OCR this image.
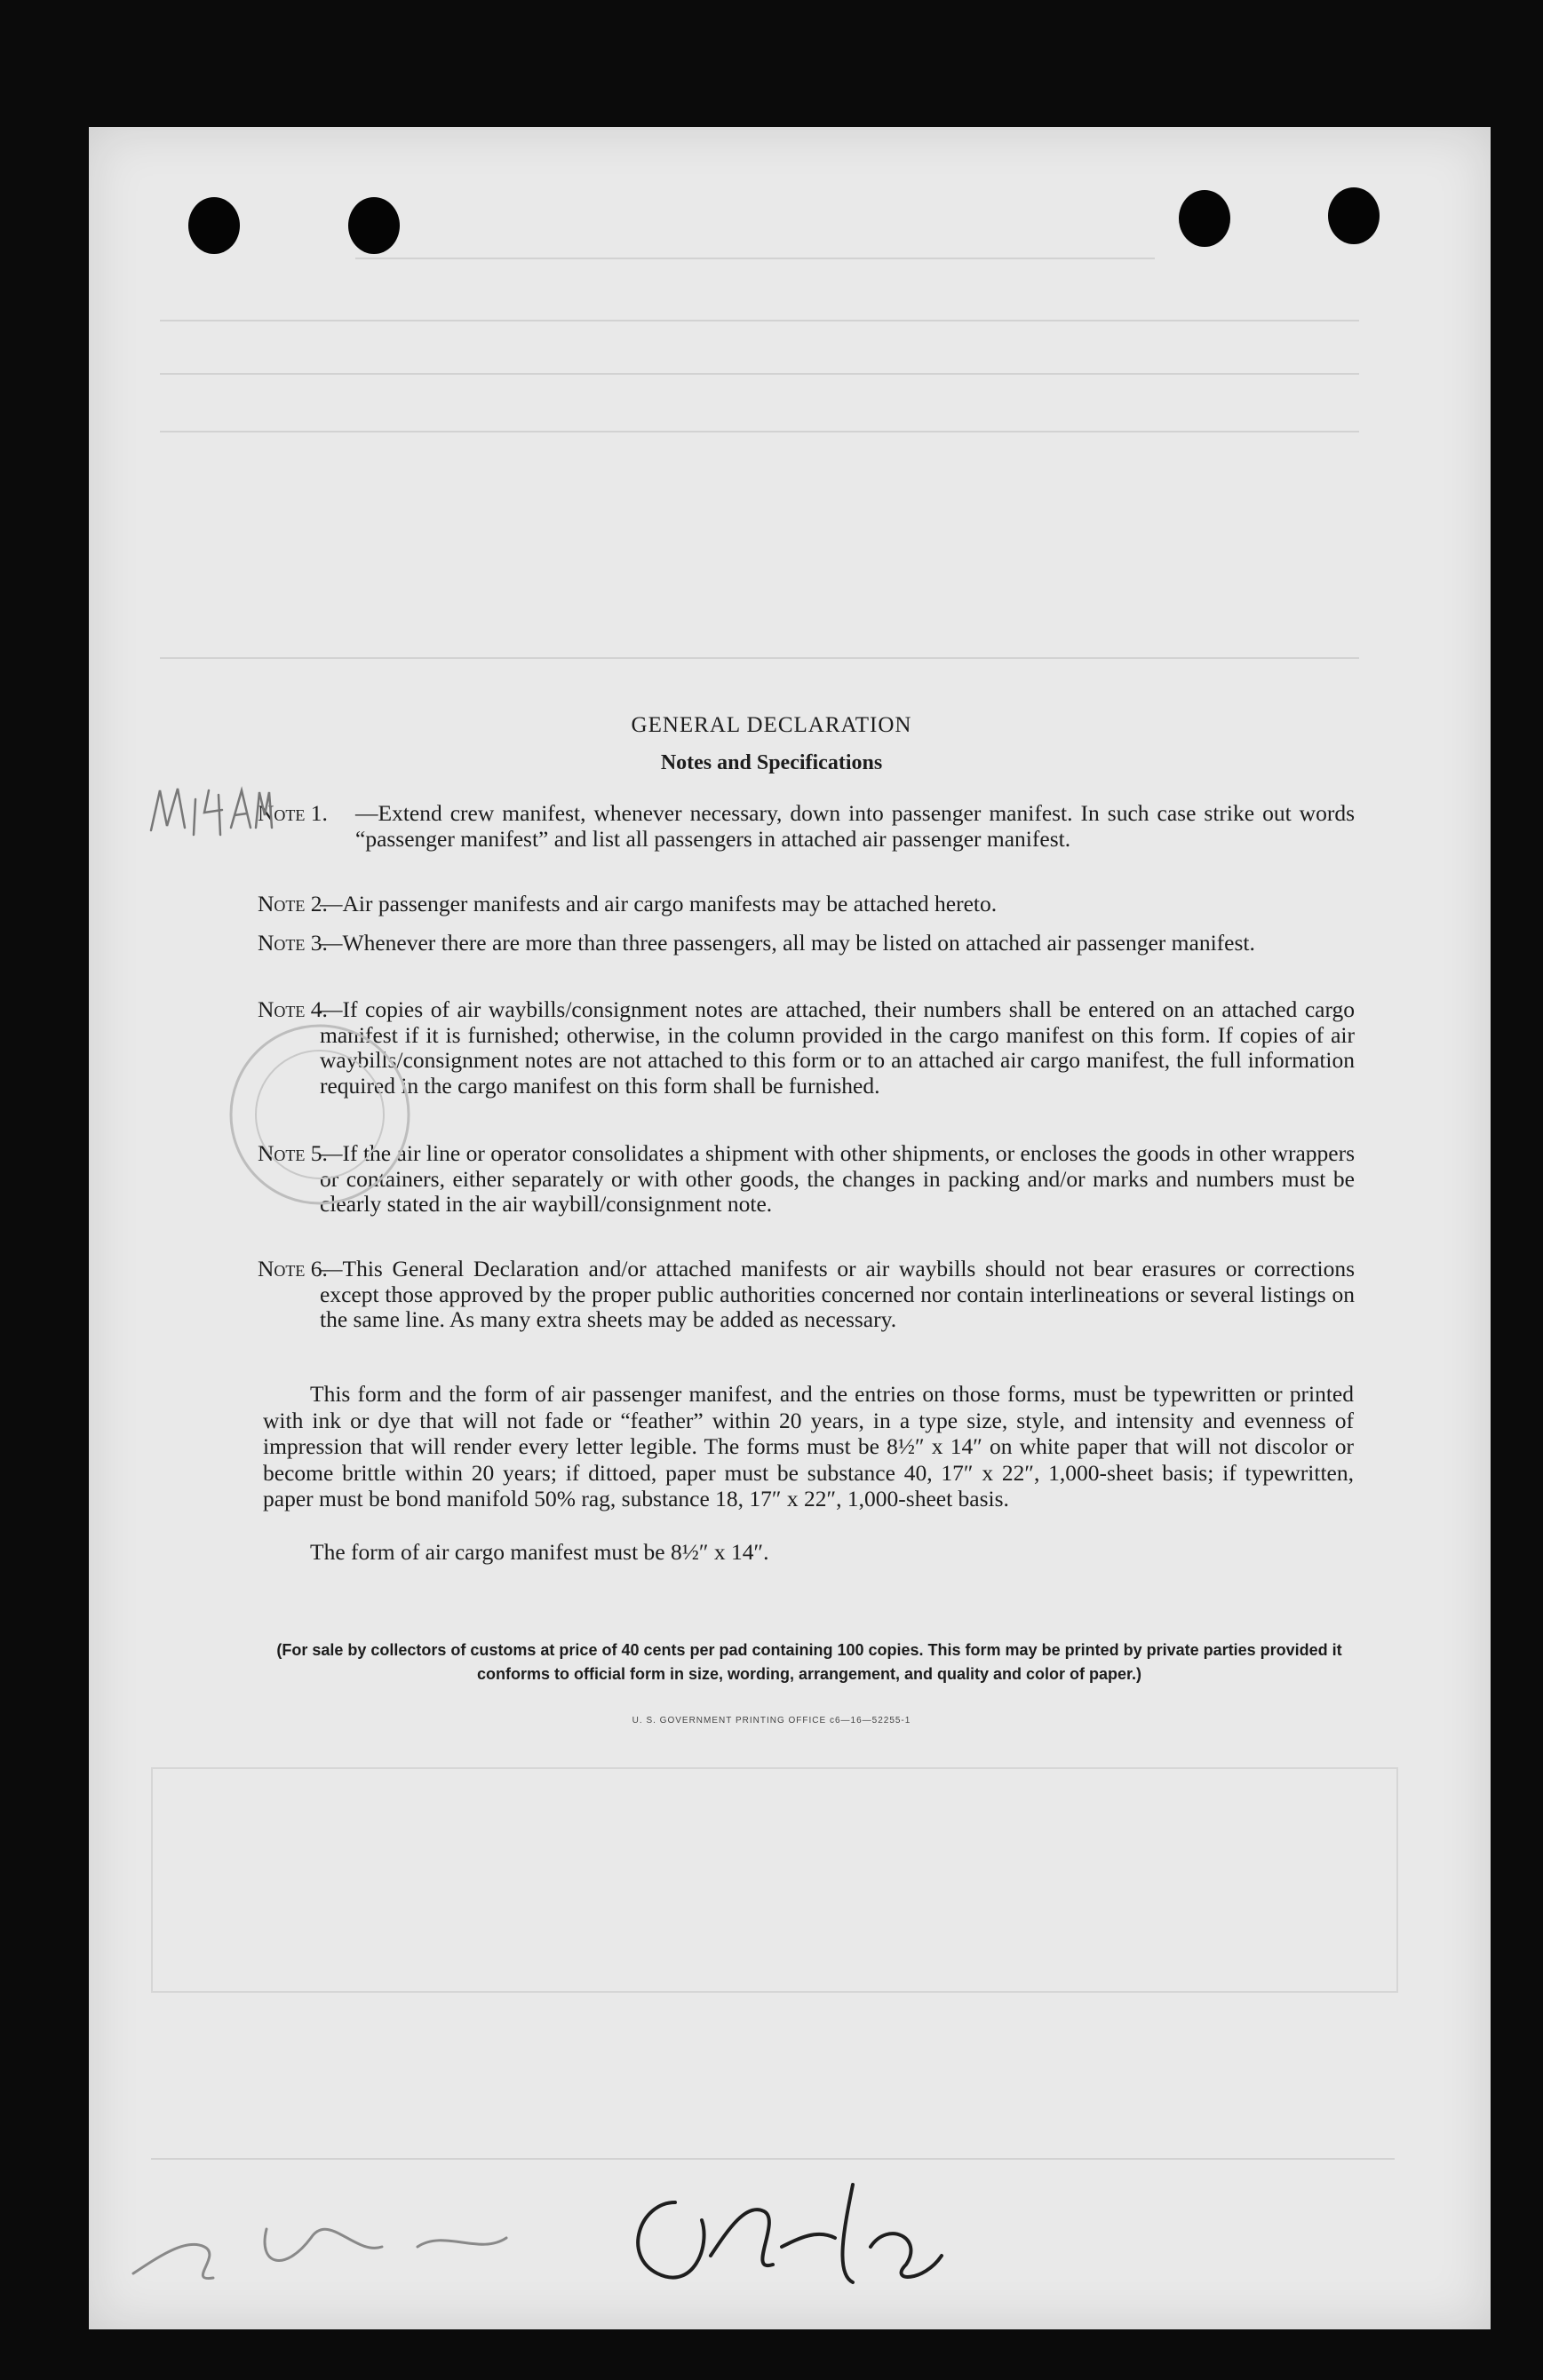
GENERAL DECLARATION
Notes and Specifications
Note 1. —Extend crew manifest, whenever necessary, down into passenger manifest. In such case strike out words “passenger manifest” and list all passengers in attached air passenger manifest.
Note 2.
—Air passenger manifests and air cargo manifests may be attached hereto.
Note 3.
—Whenever there are more than three passengers, all may be listed on attached air passenger manifest.
Note 4.
—If copies of air waybills/consignment notes are attached, their numbers shall be entered on an attached cargo manifest if it is furnished; otherwise, in the column provided in the cargo manifest on this form. If copies of air waybills/consignment notes are not attached to this form or to an attached air cargo manifest, the full information required in the cargo manifest on this form shall be furnished.
Note 5.
—If the air line or operator consolidates a shipment with other shipments, or encloses the goods in other wrappers or containers, either separately or with other goods, the changes in packing and/or marks and numbers must be clearly stated in the air waybill/consignment note.
Note 6.
—This General Declaration and/or attached manifests or air waybills should not bear erasures or corrections except those approved by the proper public authorities concerned nor contain interlineations or several listings on the same line. As many extra sheets may be added as necessary.
This form and the form of air passenger manifest, and the entries on those forms, must be typewritten or printed with ink or dye that will not fade or “feather” within 20 years, in a type size, style, and intensity and evenness of impression that will render every letter legible. The forms must be 8½″ x 14″ on white paper that will not discolor or become brittle within 20 years; if dittoed, paper must be substance 40, 17″ x 22″, 1,000-sheet basis; if typewritten, paper must be bond manifold 50% rag, substance 18, 17″ x 22″, 1,000-sheet basis.
The form of air cargo manifest must be 8½″ x 14″.
(For sale by collectors of customs at price of 40 cents per pad containing 100 copies. This form may be printed by private parties provided it conforms to official form in size, wording, arrangement, and quality and color of paper.)
U. S. GOVERNMENT PRINTING OFFICE c6—16—52255-1
